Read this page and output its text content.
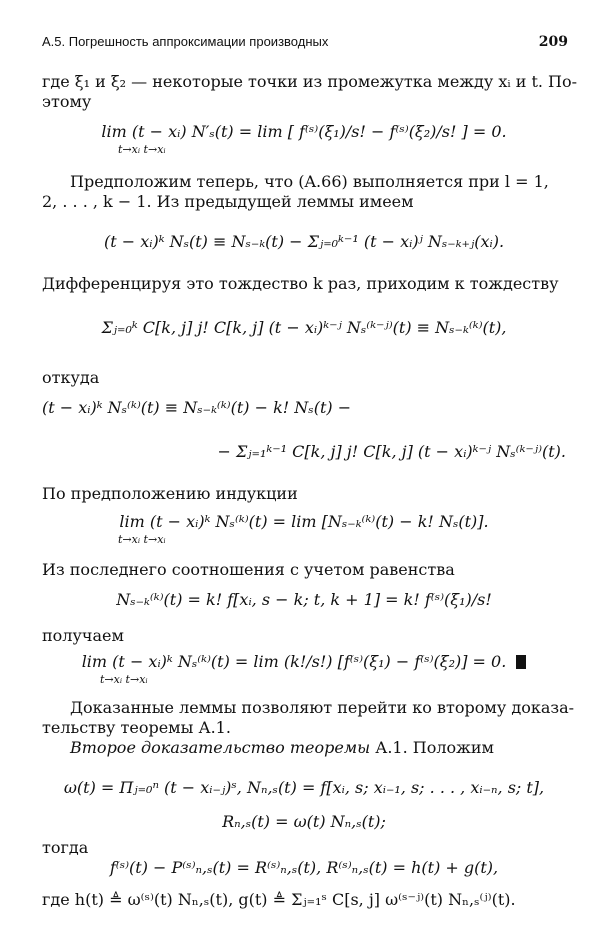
А.5. Погрешность аппроксимации производных	209
где ξ₁ и ξ₂ — некоторые точки из промежутка между xᵢ и t. По-
этому
lim (t − xᵢ) N′ₛ(t) = lim [ f⁽ˢ⁾(ξ₁)/s! − f⁽ˢ⁾(ξ₂)/s! ] = 0.
t→xᵢ t→xᵢ
Предположим теперь, что (A.66) выполняется при l = 1,
2, . . . , k − 1. Из предыдущей леммы имеем
(t − xᵢ)ᵏ Nₛ(t) ≡ Nₛ₋ₖ(t) − Σⱼ₌₀ᵏ⁻¹ (t − xᵢ)ʲ Nₛ₋ₖ₊ⱼ(xᵢ).
Дифференцируя это тождество k раз, приходим к тождеству
Σⱼ₌₀ᵏ C[k, j] j! C[k, j] (t − xᵢ)ᵏ⁻ʲ Nₛ⁽ᵏ⁻ʲ⁾(t) ≡ Nₛ₋ₖ⁽ᵏ⁾(t),
откуда
(t − xᵢ)ᵏ Nₛ⁽ᵏ⁾(t) ≡ Nₛ₋ₖ⁽ᵏ⁾(t) − k! Nₛ(t) −
− Σⱼ₌₁ᵏ⁻¹ C[k, j] j! C[k, j] (t − xᵢ)ᵏ⁻ʲ Nₛ⁽ᵏ⁻ʲ⁾(t).
По предположению индукции
lim (t − xᵢ)ᵏ Nₛ⁽ᵏ⁾(t) = lim [Nₛ₋ₖ⁽ᵏ⁾(t) − k! Nₛ(t)].
t→xᵢ t→xᵢ
Из последнего соотношения с учетом равенства
Nₛ₋ₖ⁽ᵏ⁾(t) = k! f[xᵢ, s − k; t, k + 1] = k! f⁽ˢ⁾(ξ₁)/s!
получаем
lim (t − xᵢ)ᵏ Nₛ⁽ᵏ⁾(t) = lim (k!/s!) [f⁽ˢ⁾(ξ₁) − f⁽ˢ⁾(ξ₂)] = 0.
t→xᵢ t→xᵢ
Доказанные леммы позволяют перейти ко второму доказа-
тельству теоремы А.1.
Второе доказательство теоремы А.1. Положим
ω(t) = Πⱼ₌₀ⁿ (t − xᵢ₋ⱼ)ˢ, Nₙ,ₛ(t) = f[xᵢ, s; xᵢ₋₁, s; . . . , xᵢ₋ₙ, s; t],
Rₙ,ₛ(t) = ω(t) Nₙ,ₛ(t);
тогда
f⁽ˢ⁾(t) − P⁽ˢ⁾ₙ,ₛ(t) = R⁽ˢ⁾ₙ,ₛ(t), R⁽ˢ⁾ₙ,ₛ(t) = h(t) + g(t),
где h(t) ≜ ω⁽ˢ⁾(t) Nₙ,ₛ(t), g(t) ≜ Σⱼ₌₁ˢ C[s, j] ω⁽ˢ⁻ʲ⁾(t) Nₙ,ₛ⁽ʲ⁾(t).
